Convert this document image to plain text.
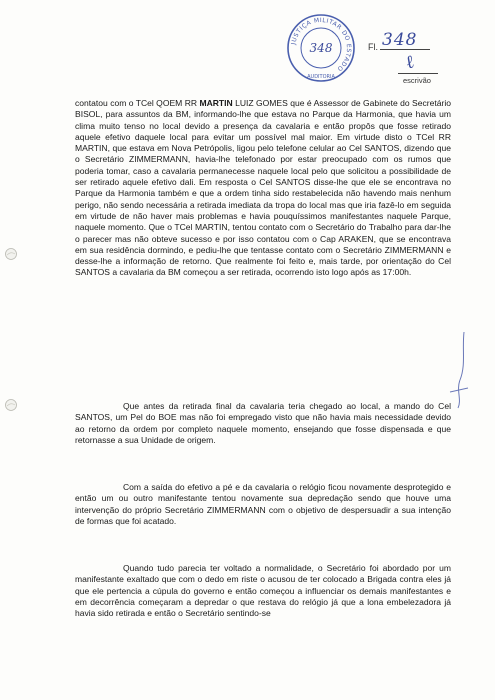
JUSTIÇA MILITAR DO ESTADO
348
AUDITORIA
Fl. 348
ℓ
escrivão

contatou com o TCel QOEM RR MARTIN LUIZ GOMES que é Assessor de Gabinete do Secretário BISOL, para assuntos da BM, informando-lhe que estava no Parque da Harmonia, que havia um clima muito tenso no local devido a presença da cavalaria e então propôs que fosse retirado aquele efetivo daquele local para evitar um possível mal maior. Em virtude disto o TCel RR MARTIN, que estava em Nova Petrópolis, ligou pelo telefone celular ao Cel SANTOS, dizendo que o Secretário ZIMMERMANN, havia-lhe telefonado por estar preocupado com os rumos que poderia tomar, caso a cavalaria permanecesse naquele local pelo que solicitou a possibilidade de ser retirado aquele efetivo dali. Em resposta o Cel SANTOS disse-lhe que ele se encontrava no Parque da Harmonia também e que a ordem tinha sido restabelecida não havendo mais nenhum perigo, não sendo necessária a retirada imediata da tropa do local mas que iria fazê-lo em seguida em virtude de não haver mais problemas e havia pouquíssimos manifestantes naquele Parque, naquele momento. Que o TCel MARTIN, tentou contato com o Secretário do Trabalho para dar-lhe o parecer mas não obteve sucesso e por isso contatou com o Cap ARAKEN, que se encontrava em sua residência dormindo, e pediu-lhe que tentasse contato com o Secretário ZIMMERMANN e desse-lhe a informação de retorno. Que realmente foi feito e, mais tarde, por orientação do Cel SANTOS a cavalaria da BM começou a ser retirada, ocorrendo isto logo após as 17:00h.

Que antes da retirada final da cavalaria teria chegado ao local, a mando do Cel SANTOS, um Pel do BOE mas não foi empregado visto que não havia mais necessidade devido ao retorno da ordem por completo naquele momento, ensejando que fosse dispensada e que retornasse a sua Unidade de origem.

Com a saída do efetivo a pé e da cavalaria o relógio ficou novamente desprotegido e então um ou outro manifestante tentou novamente sua depredação sendo que houve uma intervenção do próprio Secretário ZIMMERMANN com o objetivo de despersuadir a sua intenção de formas que foi acatado.

Quando tudo parecia ter voltado a normalidade, o Secretário foi abordado por um manifestante exaltado que com o dedo em riste o acusou de ter colocado a Brigada contra eles já que ele pertencia a cúpula do governo e então começou a influenciar os demais manifestantes e em decorrência começaram a depredar o que restava do relógio já que a lona embelezadora já havia sido retirada e então o Secretário sentindo-se
